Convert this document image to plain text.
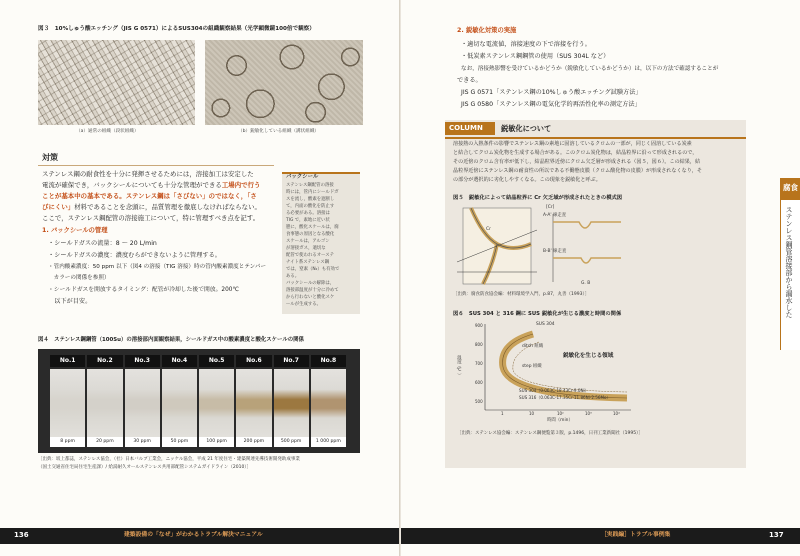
図３　10%しゅう酸エッチング（JIS G 0571）によるSUS304の組織観察結果（光学顕微鏡100倍で観察）
（a）通常の組織（段状組織）	（b）鋭敏化している組織（溝状組織）
対策
ステンレス鋼の耐食性を十分に発揮させるためには，溶接加工は安定した
電流が確保でき，バックシールについても十分な管理ができる工場内で行う
ことが基本中の基本である。ステンレス鋼は「さびない」のではなく，「さ
びにくい」材料であることを念頭に，品質管理を徹底しなければならない。
ここで，ステンレス鋼配管の溶接施工について，特に管理すべき点を記す。
1. バックシールの管理
・シールドガスの流量：8 〜 20 L/min
・シールドガスの濃度：濃度むらができないように管理する。
・管内酸素濃度：50 ppm 以下（図4 の溶接（TIG 溶接）時の管内酸素濃度とテンパー
　カラーの関係を参照）
・シールドガスを開放するタイミング：配管が冷却した後で開放。200℃
　以下が目安。
バックシール
ステンレス鋼配管の溶接
時には，管内にシールドガ
スを流し，酸素を遮断し
て，内面の酸化を防止す
る必要がある。溶接は
TIG で，素地に近い状
態に，酸化スケールは，腐
食事態の原因となる酸化
スケールは，アルゴン
が溶接ガス，適切な
配管で使われるオーステ
ナイト系ステンレス鋼
では，窒素（N₂）も有効で
ある。
バックシールの解除は，
溶接部温度が十分に冷めて
から行わないと酸化スケ
ールが生成する。
図４　ステンレス鋼鋼管（100Su）の溶接部内面観察結果，シールドガス中の酸素濃度と酸化スケールの関係
No.1
8 ppm
No.2
20 ppm
No.3
30 ppm
No.4
50 ppm
No.5
100 ppm
No.6
200 ppm
No.7
500 ppm
No.8
1 000 ppm
［出典：坂上都誌，ステンレス協会，（社）日本バルブ工業会，ニッケル協会，平成 21 年度住宅・建築関連先導技術開発助成事業
（国土交通省住宅局住宅生産課）/ 給湯耐久オールステンレス共用部配管システムガイドライン（2010）］
136	建築設備の「なぜ」がわかるトラブル解決マニュアル
2. 鋭敏化対策の実施
・適切な電流値，溶接速度の下で溶接を行う。
・低炭素ステンレス鋼鋼管の使用（SUS 304L など）
なお，溶接熱影響を受けているかどうか（鋭敏化しているかどうか）は，以下の方法で確認することが
できる。
JIS G 0571「ステンレス鋼の10%しゅう酸エッチング試験方法」
JIS G 0580「ステンレス鋼の電気化学的再活性化率の測定方法」
COLUMN	鋭敏化について
溶接熱の入熱条件の影響でステンレス鋼の素地に固溶しているクロムの一部が，同じく固溶している炭素
と結合してクロム炭化物を生成する場合がある。このクロム炭化物は，結晶粒界に沿って形成されるので，
その近傍のクロム含有率が低下し，結晶粒界近傍にクロム欠乏層が形成される（図５，図６）。この結果，結
晶粒界近傍にステンレス鋼の耐食性の所以である不働態皮膜（クロム酸化物の皮膜）が形成されなくなり，そ
の部分が選択的に劣化しやすくなる。この現象を鋭敏化と呼ぶ。
図５　鋭敏化によって結晶粒界に Cr 欠乏域が形成されたときの模式図
A-A' 線走査
B-B' 線走査
G. B
Cr
[Cr]
［出典：腐食防食協会編：材料環境学入門，p.87，丸善（1993）］
図６　SUS 304 と 316 鋼に SUS 鋭敏化が生じる濃度と時間の関係
温度（℃）
900
800
700
600
500
SUS 304
ditch 組織
鋭敏化を生じる領域
step 組織
SUS 304（0.063C-18.43Cr-9.0Ni）
SUS 316（0.063C-17.35Cr-11.86Ni-2.56Mo）
1	10	10²	10³	10⁴
時間（min）
［出典：ステンレス協会編：ステンレス鋼便覧第３版，p.1496，日刊工業新聞社（1995）］
腐食
ステンレス鋼管溶接部から漏水した
［実践編］トラブル事例集	137
